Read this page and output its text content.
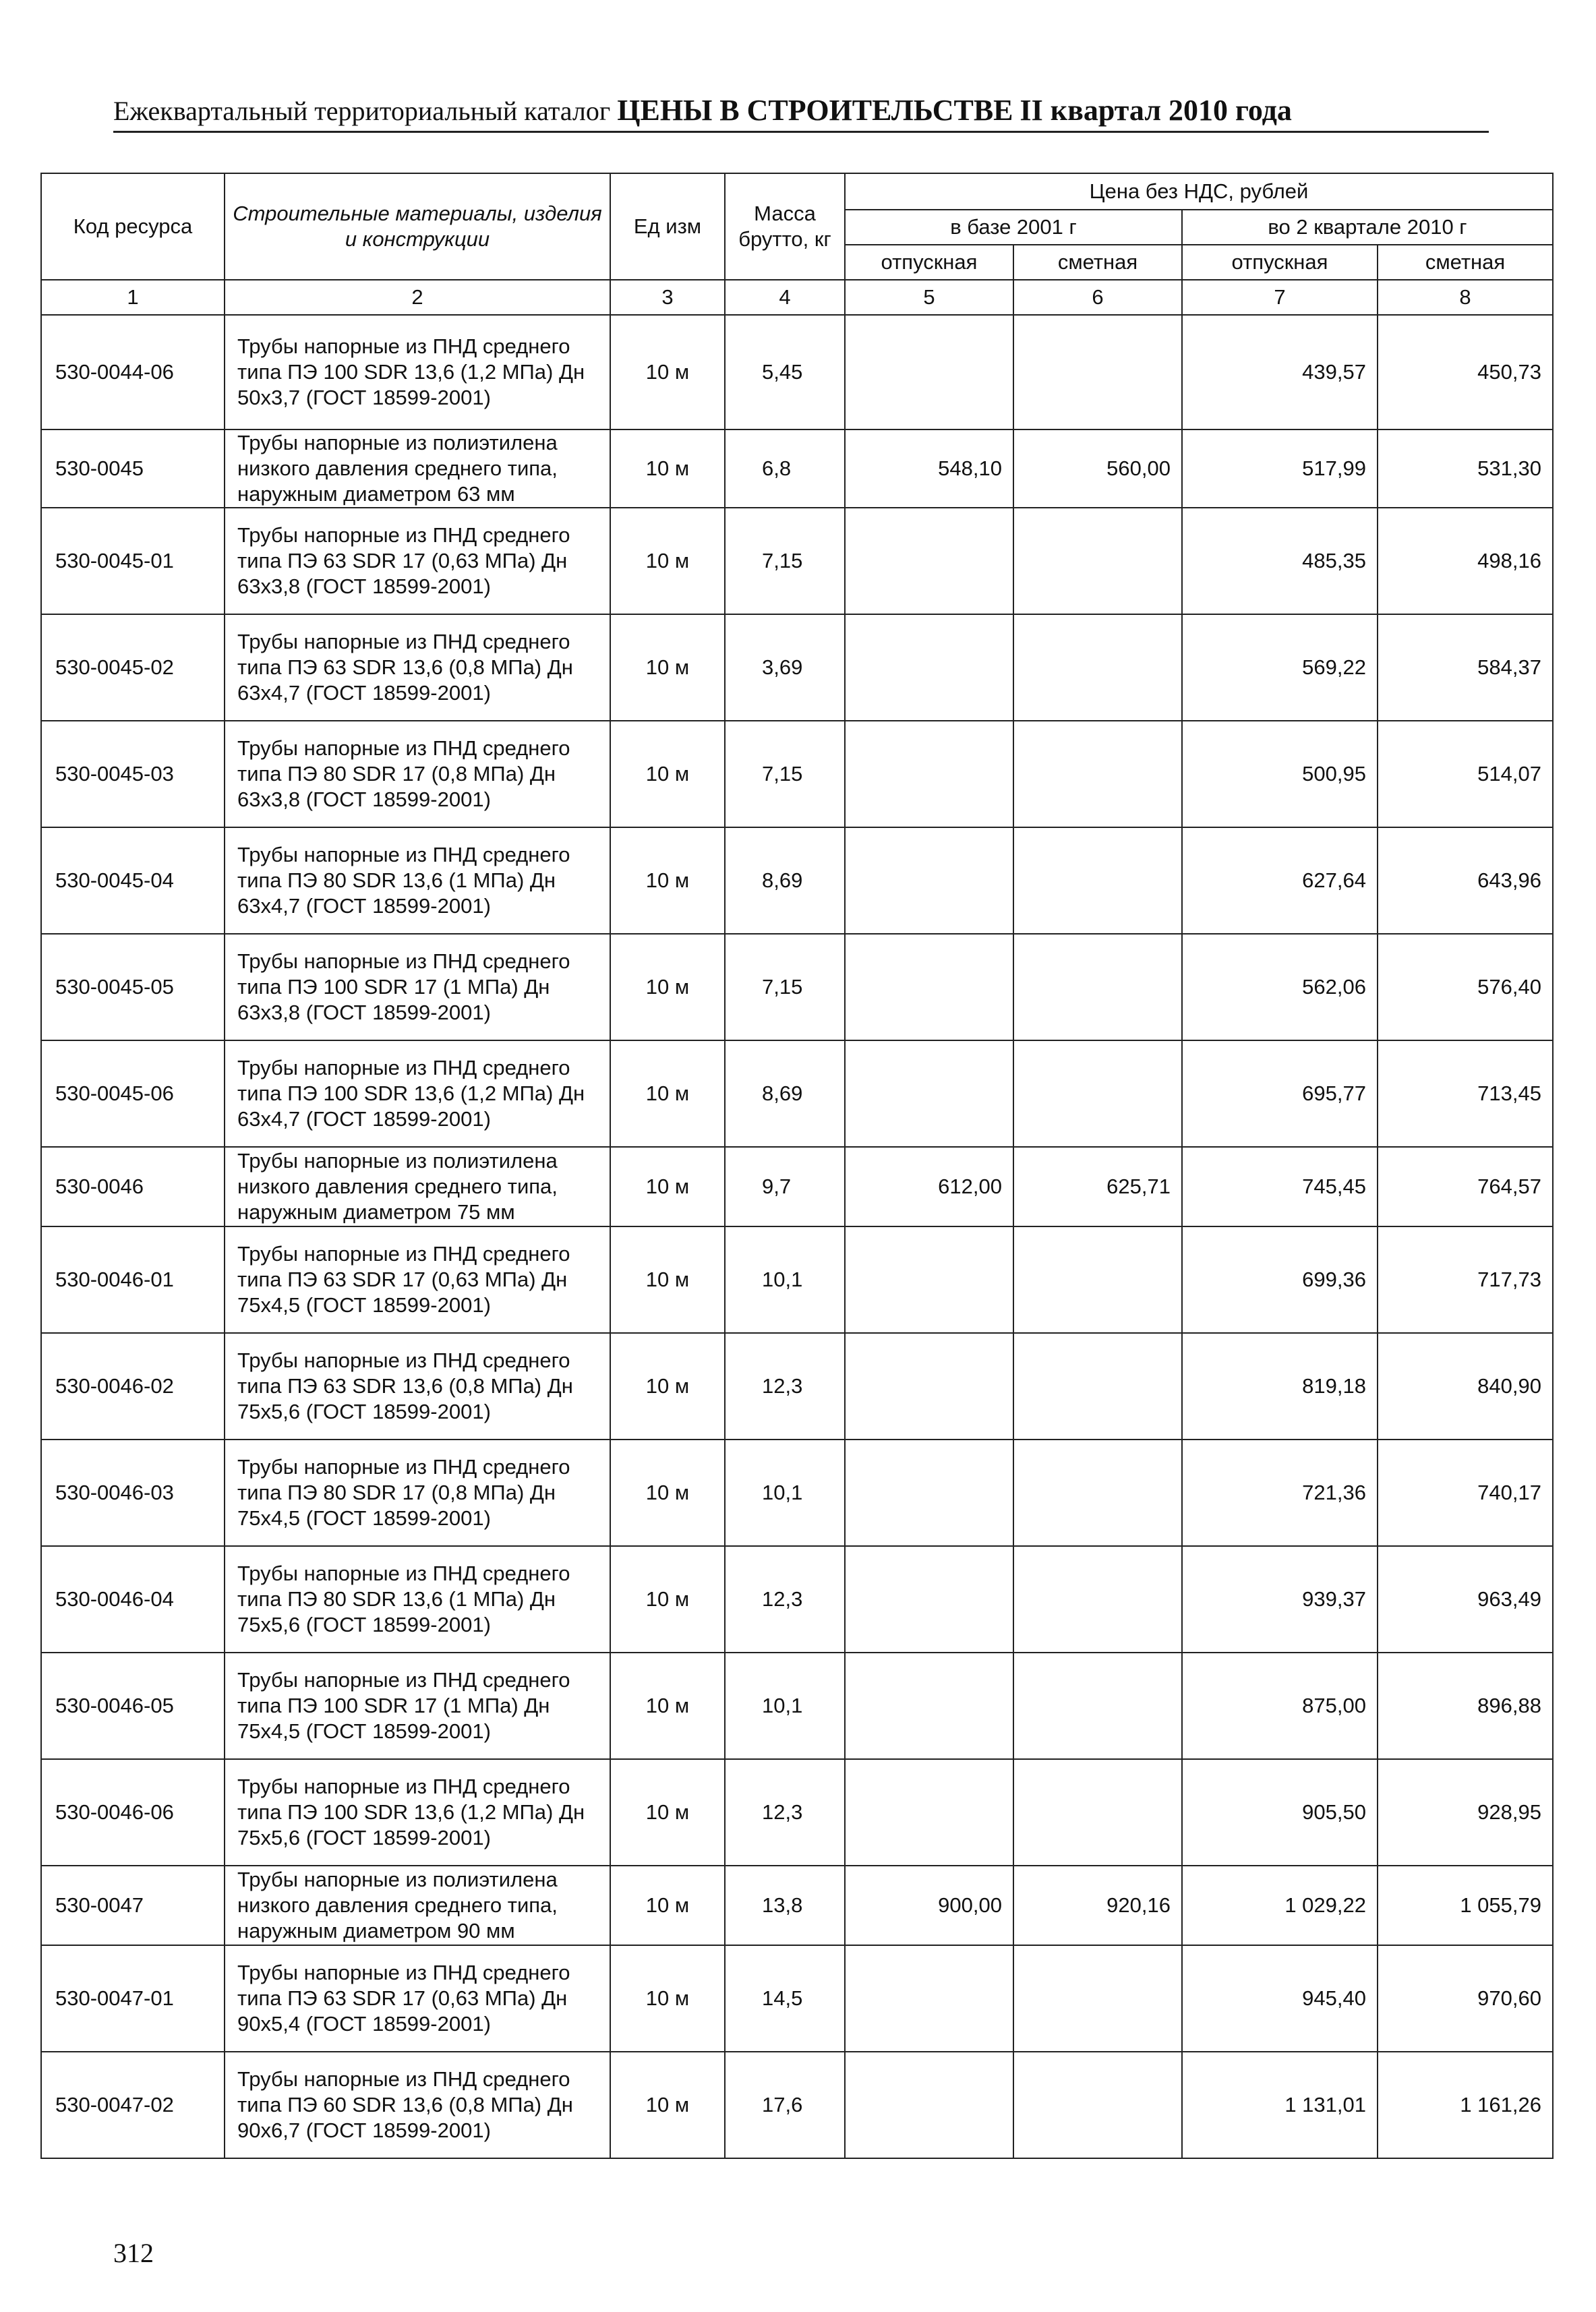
Ежеквартальный территориальный каталог ЦЕНЫ В СТРОИТЕЛЬСТВЕ II квартал 2010 года
Код ресурса	Строительные материалы, изделия и конструкции	Ед изм	Масса брутто, кг	Цена без НДС, рублей			
				в базе 2001 г		во 2 квартале 2010 г	
				отпускная	сметная	отпускная	сметная
1	2	3	4	5	6	7	8
530-0044-06	Трубы напорные из ПНД среднего типа ПЭ 100 SDR 13,6 (1,2 МПа) Дн 50х3,7 (ГОСТ 18599-2001)	10 м	5,45			439,57	450,73
530-0045	Трубы напорные из полиэтилена низкого давления среднего типа, наружным диаметром 63 мм	10 м	6,8	548,10	560,00	517,99	531,30
530-0045-01	Трубы напорные из ПНД среднего типа ПЭ 63 SDR 17 (0,63 МПа) Дн 63х3,8 (ГОСТ 18599-2001)	10 м	7,15			485,35	498,16
530-0045-02	Трубы напорные из ПНД среднего типа ПЭ 63 SDR 13,6 (0,8 МПа) Дн 63х4,7 (ГОСТ 18599-2001)	10 м	3,69			569,22	584,37
530-0045-03	Трубы напорные из ПНД среднего типа ПЭ 80 SDR 17 (0,8 МПа) Дн 63х3,8 (ГОСТ 18599-2001)	10 м	7,15			500,95	514,07
530-0045-04	Трубы напорные из ПНД среднего типа ПЭ 80 SDR 13,6 (1 МПа) Дн 63х4,7 (ГОСТ 18599-2001)	10 м	8,69			627,64	643,96
530-0045-05	Трубы напорные из ПНД среднего типа ПЭ 100 SDR 17 (1 МПа) Дн 63х3,8 (ГОСТ 18599-2001)	10 м	7,15			562,06	576,40
530-0045-06	Трубы напорные из ПНД среднего типа ПЭ 100 SDR 13,6 (1,2 МПа) Дн 63х4,7 (ГОСТ 18599-2001)	10 м	8,69			695,77	713,45
530-0046	Трубы напорные из полиэтилена низкого давления среднего типа, наружным диаметром 75 мм	10 м	9,7	612,00	625,71	745,45	764,57
530-0046-01	Трубы напорные из ПНД среднего типа ПЭ 63 SDR 17 (0,63 МПа) Дн 75х4,5 (ГОСТ 18599-2001)	10 м	10,1			699,36	717,73
530-0046-02	Трубы напорные из ПНД среднего типа ПЭ 63 SDR 13,6 (0,8 МПа) Дн 75х5,6 (ГОСТ 18599-2001)	10 м	12,3			819,18	840,90
530-0046-03	Трубы напорные из ПНД среднего типа ПЭ 80 SDR 17 (0,8 МПа) Дн 75х4,5 (ГОСТ 18599-2001)	10 м	10,1			721,36	740,17
530-0046-04	Трубы напорные из ПНД среднего типа ПЭ 80 SDR 13,6 (1 МПа) Дн 75х5,6 (ГОСТ 18599-2001)	10 м	12,3			939,37	963,49
530-0046-05	Трубы напорные из ПНД среднего типа ПЭ 100 SDR 17 (1 МПа) Дн 75х4,5 (ГОСТ 18599-2001)	10 м	10,1			875,00	896,88
530-0046-06	Трубы напорные из ПНД среднего типа ПЭ 100 SDR 13,6 (1,2 МПа) Дн 75х5,6 (ГОСТ 18599-2001)	10 м	12,3			905,50	928,95
530-0047	Трубы напорные из полиэтилена низкого давления среднего типа, наружным диаметром 90 мм	10 м	13,8	900,00	920,16	1 029,22	1 055,79
530-0047-01	Трубы напорные из ПНД среднего типа ПЭ 63 SDR 17 (0,63 МПа) Дн 90х5,4 (ГОСТ 18599-2001)	10 м	14,5			945,40	970,60
530-0047-02	Трубы напорные из ПНД среднего типа ПЭ 60 SDR 13,6 (0,8 МПа) Дн 90х6,7 (ГОСТ 18599-2001)	10 м	17,6			1 131,01	1 161,26
312
